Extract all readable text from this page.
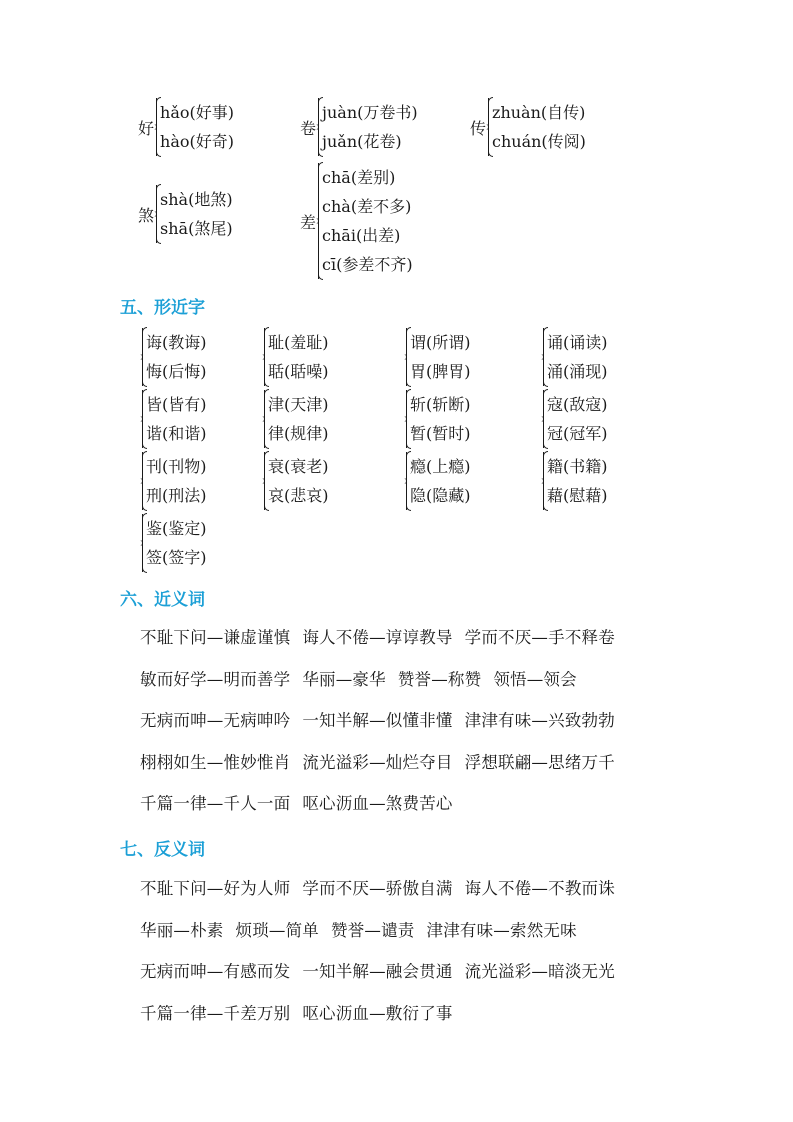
好
hǎo(好事)
hào(好奇)
卷
juàn(万卷书)
juǎn(花卷)
传
zhuàn(自传)
chuán(传阅)
煞
shà(地煞)
shā(煞尾)	差
chā(差别)
chà(差不多)
chāi(出差)
cī(参差不齐)
五、形近字
诲(教诲)
悔(后悔)
耻(羞耻)
聒(聒噪)
谓(所谓)
胃(脾胃)
诵(诵读)
涌(涌现)
皆(皆有)
谐(和谐)
津(天津)
律(规律)
斩(斩断)
暂(暂时)
寇(敌寇)
冠(冠军)
刊(刊物)
刑(刑法)
衰(衰老)
哀(悲哀)
瘾(上瘾)
隐(隐藏)
籍(书籍)
藉(慰藉)
鉴(鉴定)
签(签字)
六、近义词
不耻下问—谦虚谨慎 诲人不倦—谆谆教导 学而不厌—手不释卷
敏而好学—明而善学 华丽—豪华 赞誉—称赞 领悟—领会
无病而呻—无病呻吟 一知半解—似懂非懂 津津有味—兴致勃勃
栩栩如生—惟妙惟肖 流光溢彩—灿烂夺目 浮想联翩—思绪万千
千篇一律—千人一面 呕心沥血—煞费苦心
七、反义词
不耻下问—好为人师 学而不厌—骄傲自满 诲人不倦—不教而诛
华丽—朴素 烦琐—简单 赞誉—谴责 津津有味—索然无味
无病而呻—有感而发 一知半解—融会贯通 流光溢彩—暗淡无光
千篇一律—千差万别 呕心沥血—敷衍了事
